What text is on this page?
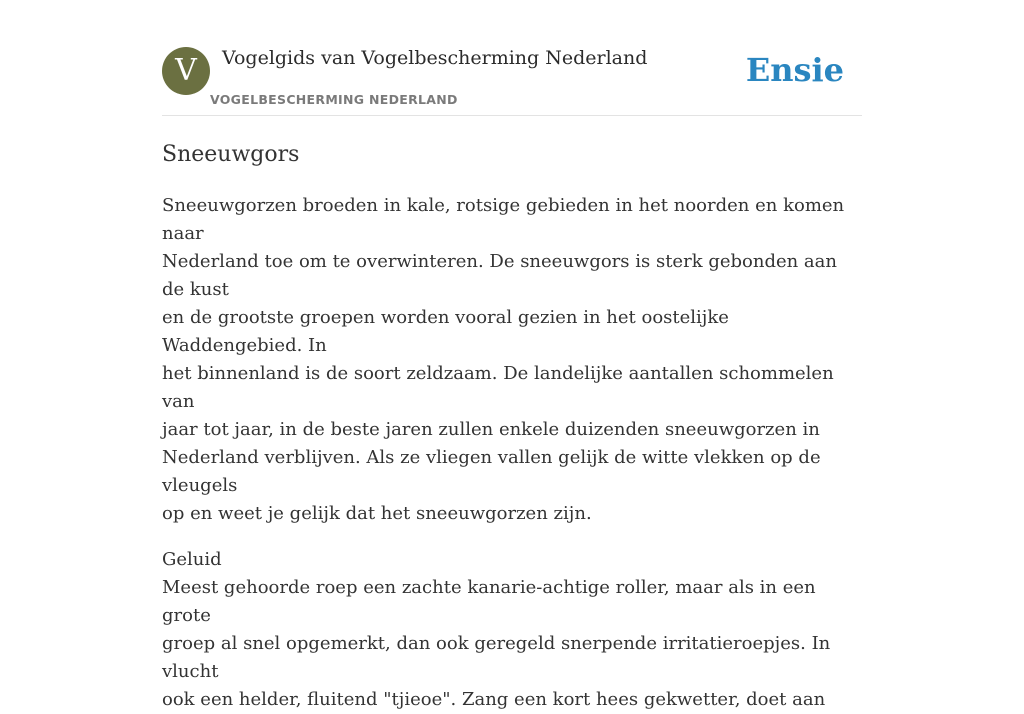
V	Vogelgids van Vogelbescherming Nederland
VOGELBESCHERMING NEDERLAND
Ensie
Sneeuwgors

Sneeuwgorzen broeden in kale, rotsige gebieden in het noorden en komen naar
Nederland toe om te overwinteren. De sneeuwgors is sterk gebonden aan de kust
en de grootste groepen worden vooral gezien in het oostelijke Waddengebied. In
het binnenland is de soort zeldzaam. De landelijke aantallen schommelen van
jaar tot jaar, in de beste jaren zullen enkele duizenden sneeuwgorzen in
Nederland verblijven. Als ze vliegen vallen gelijk de witte vlekken op de vleugels
op en weet je gelijk dat het sneeuwgorzen zijn.

Geluid

Meest gehoorde roep een zachte kanarie-achtige roller, maar als in een grote
groep al snel opgemerkt, dan ook geregeld snerpende irritatieroepjes. In vlucht
ook een helder, fluitend "tjieoe". Zang een kort hees gekwetter, doet aan
